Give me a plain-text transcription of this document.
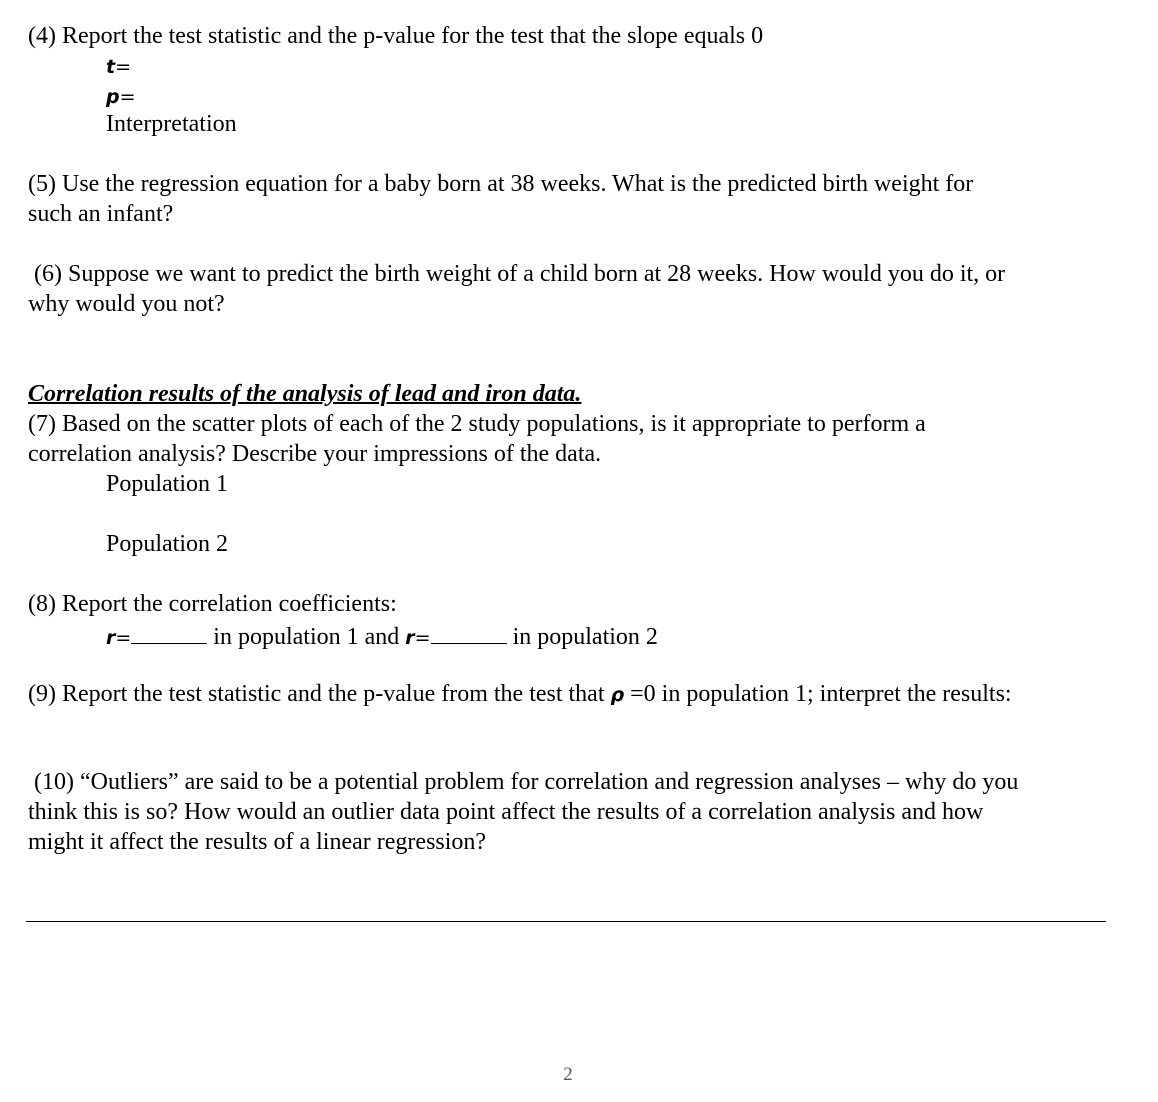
(4) Report the test statistic and the p-value for the test that the slope equals 0
t=
p=
Interpretation
(5) Use the regression equation for a baby born at 38 weeks. What is the predicted birth weight for
such an infant?
(6) Suppose we want to predict the birth weight of a child born at 28 weeks. How would you do it, or
why would you not?
Correlation results of the analysis of lead and iron data.
(7) Based on the scatter plots of each of the 2 study populations, is it appropriate to perform a
correlation analysis? Describe your impressions of the data.
Population 1
Population 2
(8) Report the correlation coefficients:
r=	in population 1 and r=	in population 2
(9) Report the test statistic and the p-value from the test that ρ =0 in population 1; interpret the results:
(10) “Outliers” are said to be a potential problem for correlation and regression analyses – why do you
think this is so? How would an outlier data point affect the results of a correlation analysis and how
might it affect the results of a linear regression?
2
